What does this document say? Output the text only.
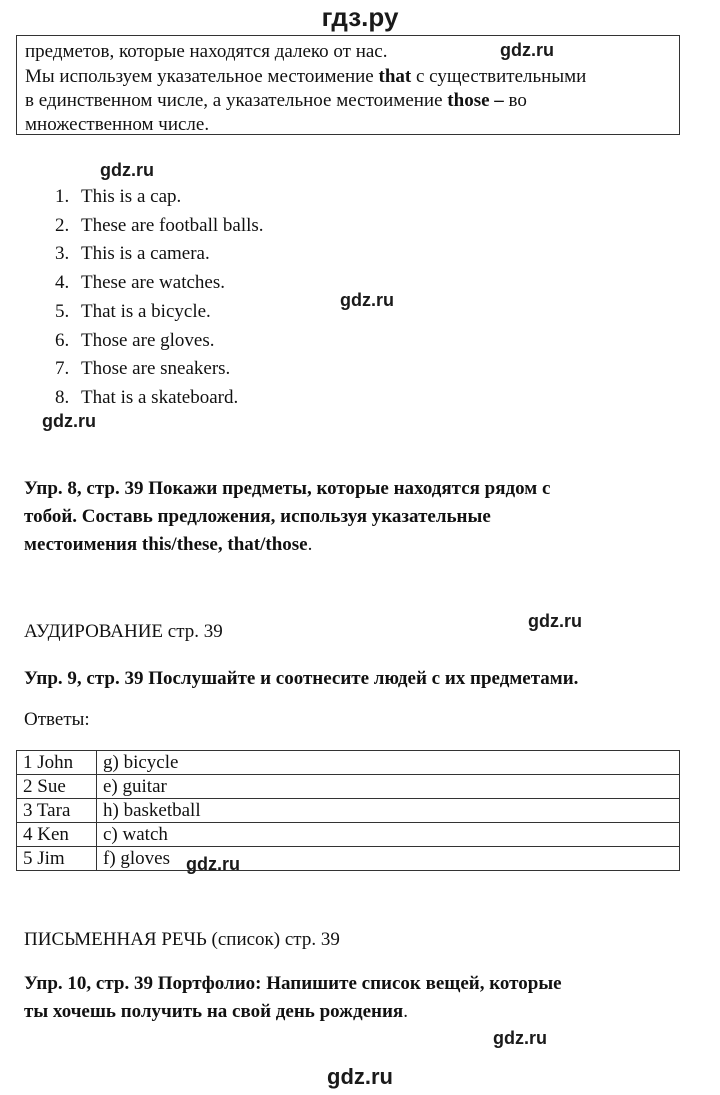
гдз.ру
предметов, которые находятся далеко от нас.
Мы используем указательное местоимение that с существительными
в единственном числе, а указательное местоимение those – во
множественном числе.
gdz.ru
gdz.ru
gdz.ru
gdz.ru
1. This is a cap.
2. These are football balls.
3. This is a camera.
4. These are watches.
5. That is a bicycle.
6. Those are gloves.
7. Those are sneakers.
8. That is a skateboard.
Упр. 8, стр. 39 Покажи предметы, которые находятся рядом с
тобой. Составь предложения, используя указательные
местоимения this/these, that/those.
АУДИРОВАНИЕ стр. 39	gdz.ru
Упр. 9, стр. 39 Послушайте и соотнесите людей с их предметами.
Ответы:
1 John	g) bicycle
2 Sue	e) guitar
3 Tara	h) basketball
4 Ken	c) watch
5 Jim	f) gloves gdz.ru
ПИСЬМЕННАЯ РЕЧЬ (список) стр. 39
Упр. 10, стр. 39 Портфолио: Напишите список вещей, которые
ты хочешь получить на свой день рождения.
gdz.ru
gdz.ru
